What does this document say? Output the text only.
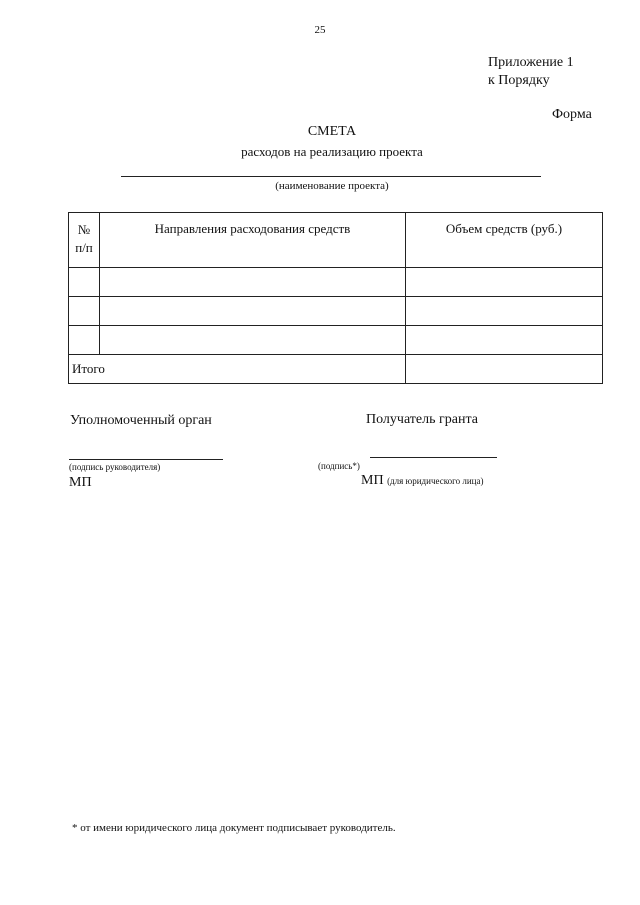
25
Приложение 1
к Порядку
Форма
СМЕТА
расходов на реализацию проекта
(наименование проекта)
№
п/п	Направления расходования средств	Объем средств (руб.)

Итого		
Уполномоченный орган	Получатель гранта
(подпись руководителя)	(подпись*)
МП	МП (для юридического лица)
* от имени юридического лица документ подписывает руководитель.
